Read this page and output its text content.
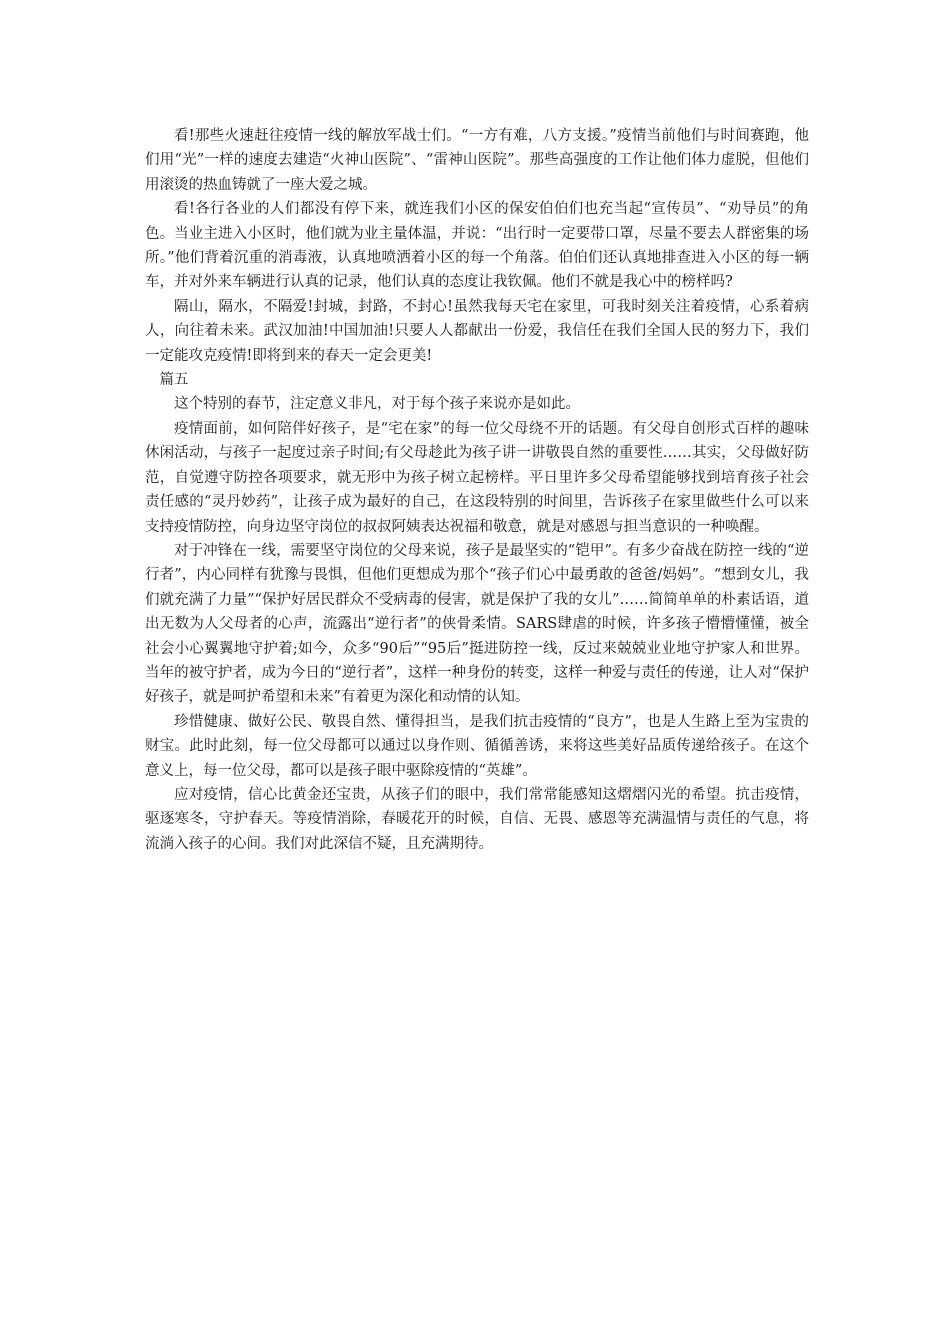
看!那些火速赶往疫情一线的解放军战士们。“一方有难，八方支援。”疫情当前他们与时间赛跑，他们用“光”一样的速度去建造“火神山医院”、“雷神山医院”。那些高强度的工作让他们体力虚脱，但他们用滚烫的热血铸就了一座大爱之城。

看!各行各业的人们都没有停下来，就连我们小区的保安伯伯们也充当起“宣传员”、“劝导员”的角色。当业主进入小区时，他们就为业主量体温，并说：“出行时一定要带口罩，尽量不要去人群密集的场所。”他们背着沉重的消毒液，认真地喷洒着小区的每一个角落。伯伯们还认真地排查进入小区的每一辆车，并对外来车辆进行认真的记录，他们认真的态度让我钦佩。他们不就是我心中的榜样吗?

隔山，隔水，不隔爱!封城，封路，不封心!虽然我每天宅在家里，可我时刻关注着疫情，心系着病人，向往着未来。武汉加油!中国加油!只要人人都献出一份爱，我信任在我们全国人民的努力下，我们一定能攻克疫情!即将到来的春天一定会更美!

篇五

这个特别的春节，注定意义非凡，对于每个孩子来说亦是如此。

疫情面前，如何陪伴好孩子，是“宅在家”的每一位父母绕不开的话题。有父母自创形式百样的趣味休闲活动，与孩子一起度过亲子时间;有父母趁此为孩子讲一讲敬畏自然的重要性……其实，父母做好防范，自觉遵守防控各项要求，就无形中为孩子树立起榜样。平日里许多父母希望能够找到培育孩子社会责任感的“灵丹妙药”，让孩子成为最好的自己，在这段特别的时间里，告诉孩子在家里做些什么可以来支持疫情防控，向身边坚守岗位的叔叔阿姨表达祝福和敬意，就是对感恩与担当意识的一种唤醒。

对于冲锋在一线，需要坚守岗位的父母来说，孩子是最坚实的“铠甲”。有多少奋战在防控一线的“逆行者”，内心同样有犹豫与畏惧，但他们更想成为那个“孩子们心中最勇敢的爸爸/妈妈”。“想到女儿，我们就充满了力量”“保护好居民群众不受病毒的侵害，就是保护了我的女儿”……简简单单的朴素话语，道出无数为人父母者的心声，流露出“逆行者”的侠骨柔情。SARS肆虐的时候，许多孩子懵懵懂懂，被全社会小心翼翼地守护着;如今，众多“90后”“95后”挺进防控一线，反过来兢兢业业地守护家人和世界。当年的被守护者，成为今日的“逆行者”，这样一种身份的转变，这样一种爱与责任的传递，让人对“保护好孩子，就是呵护希望和未来”有着更为深化和动情的认知。

珍惜健康、做好公民、敬畏自然、懂得担当，是我们抗击疫情的“良方”，也是人生路上至为宝贵的财宝。此时此刻，每一位父母都可以通过以身作则、循循善诱，来将这些美好品质传递给孩子。在这个意义上，每一位父母，都可以是孩子眼中驱除疫情的“英雄”。

应对疫情，信心比黄金还宝贵，从孩子们的眼中，我们常常能感知这熠熠闪光的希望。抗击疫情，驱逐寒冬，守护春天。等疫情消除，春暖花开的时候，自信、无畏、感恩等充满温情与责任的气息，将流淌入孩子的心间。我们对此深信不疑，且充满期待。
